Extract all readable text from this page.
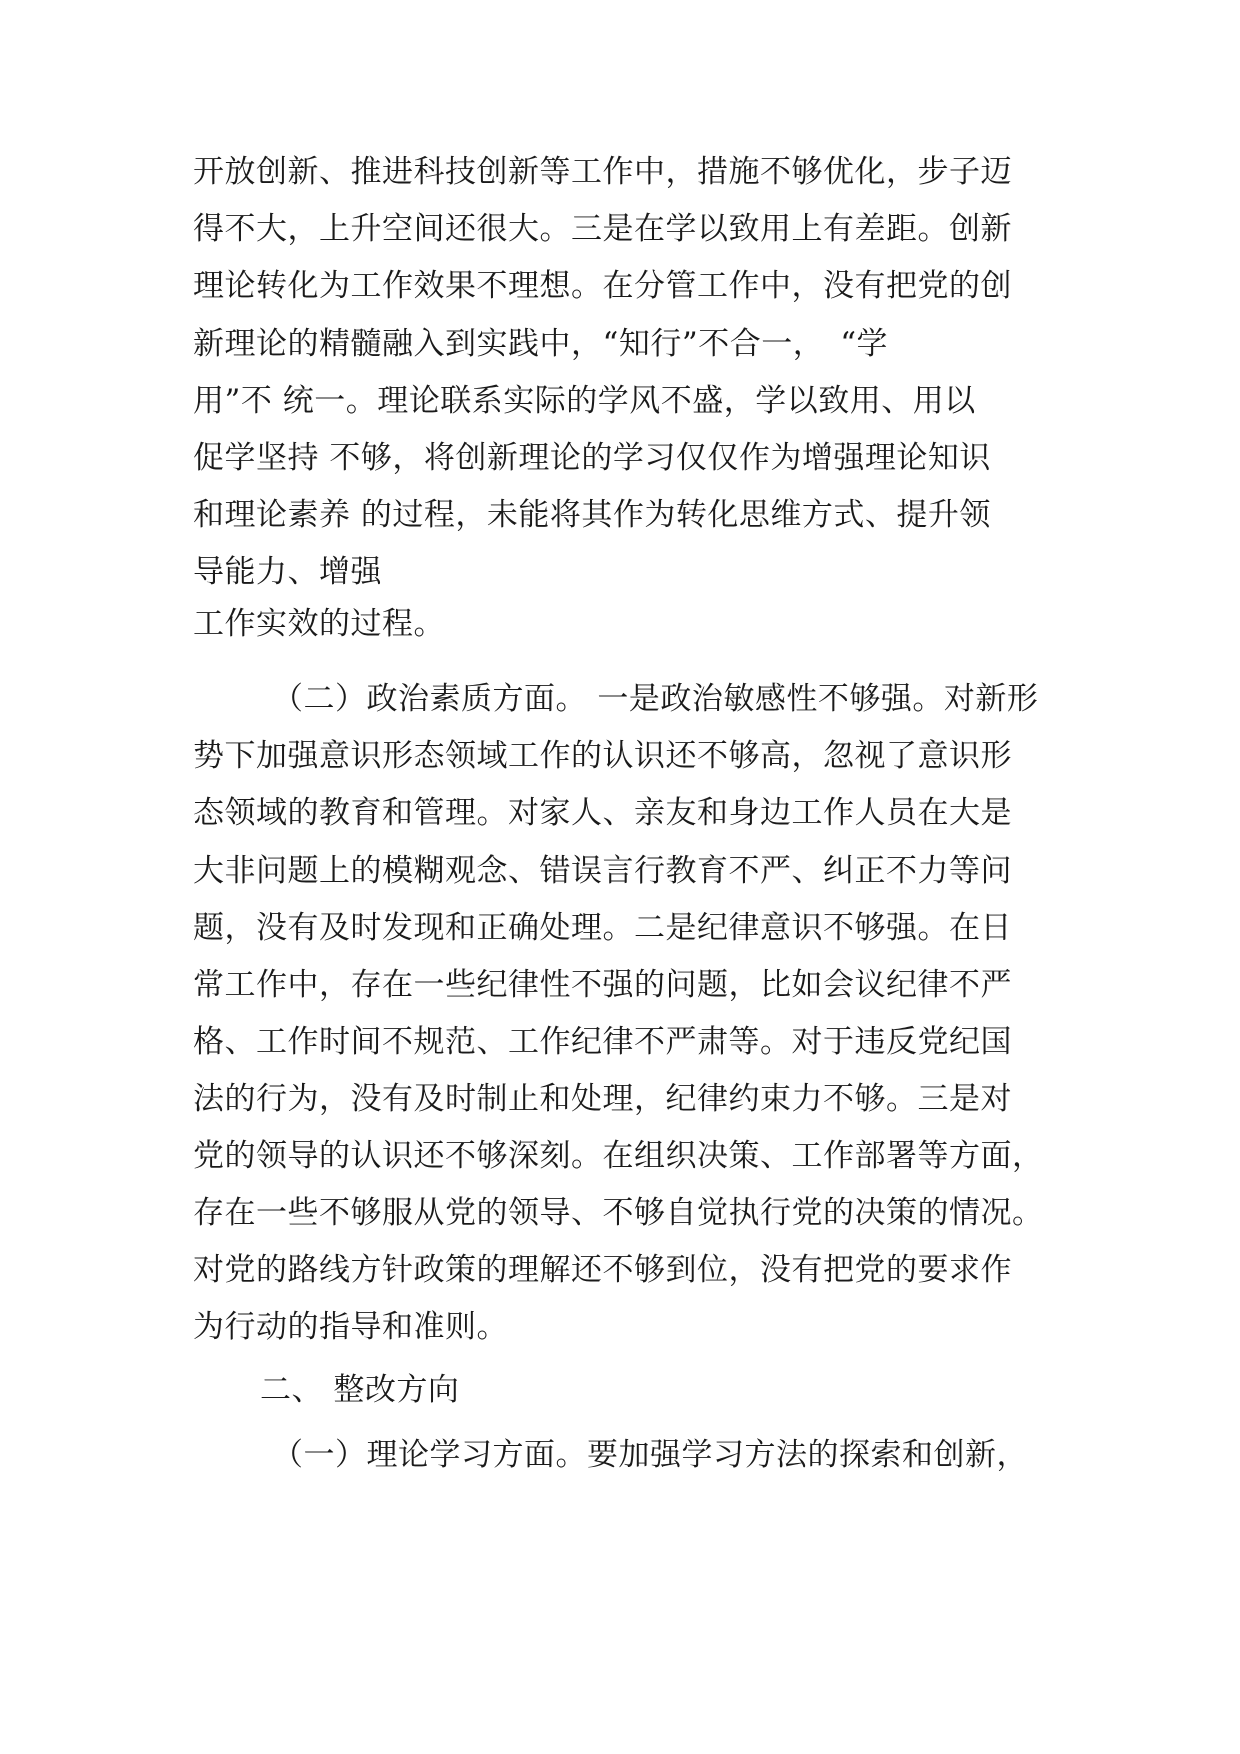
开放创新、推进科技创新等工作中，措施不够优化，步子迈

得不大，上升空间还很大。三是在学以致用上有差距。创新

理论转化为工作效果不理想。在分管工作中，没有把党的创

新理论的精髓融入到实践中，“知行”不合一，　“学

用”不 统一。理论联系实际的学风不盛，学以致用、用以

促学坚持 不够，将创新理论的学习仅仅作为增强理论知识

和理论素养 的过程，未能将其作为转化思维方式、提升领

导能力、增强

工作实效的过程。

（二）政治素质方面。 一是政治敏感性不够强。对新形

势下加强意识形态领域工作的认识还不够高，忽视了意识形

态领域的教育和管理。对家人、亲友和身边工作人员在大是

大非问题上的模糊观念、错误言行教育不严、纠正不力等问

题，没有及时发现和正确处理。二是纪律意识不够强。在日

常工作中，存在一些纪律性不强的问题，比如会议纪律不严

格、工作时间不规范、工作纪律不严肃等。对于违反党纪国

法的行为，没有及时制止和处理，纪律约束力不够。三是对

党的领导的认识还不够深刻。在组织决策、工作部署等方面，

存在一些不够服从党的领导、不够自觉执行党的决策的情况。

对党的路线方针政策的理解还不够到位，没有把党的要求作

为行动的指导和准则。

二、 整改方向

（一）理论学习方面。要加强学习方法的探索和创新，
